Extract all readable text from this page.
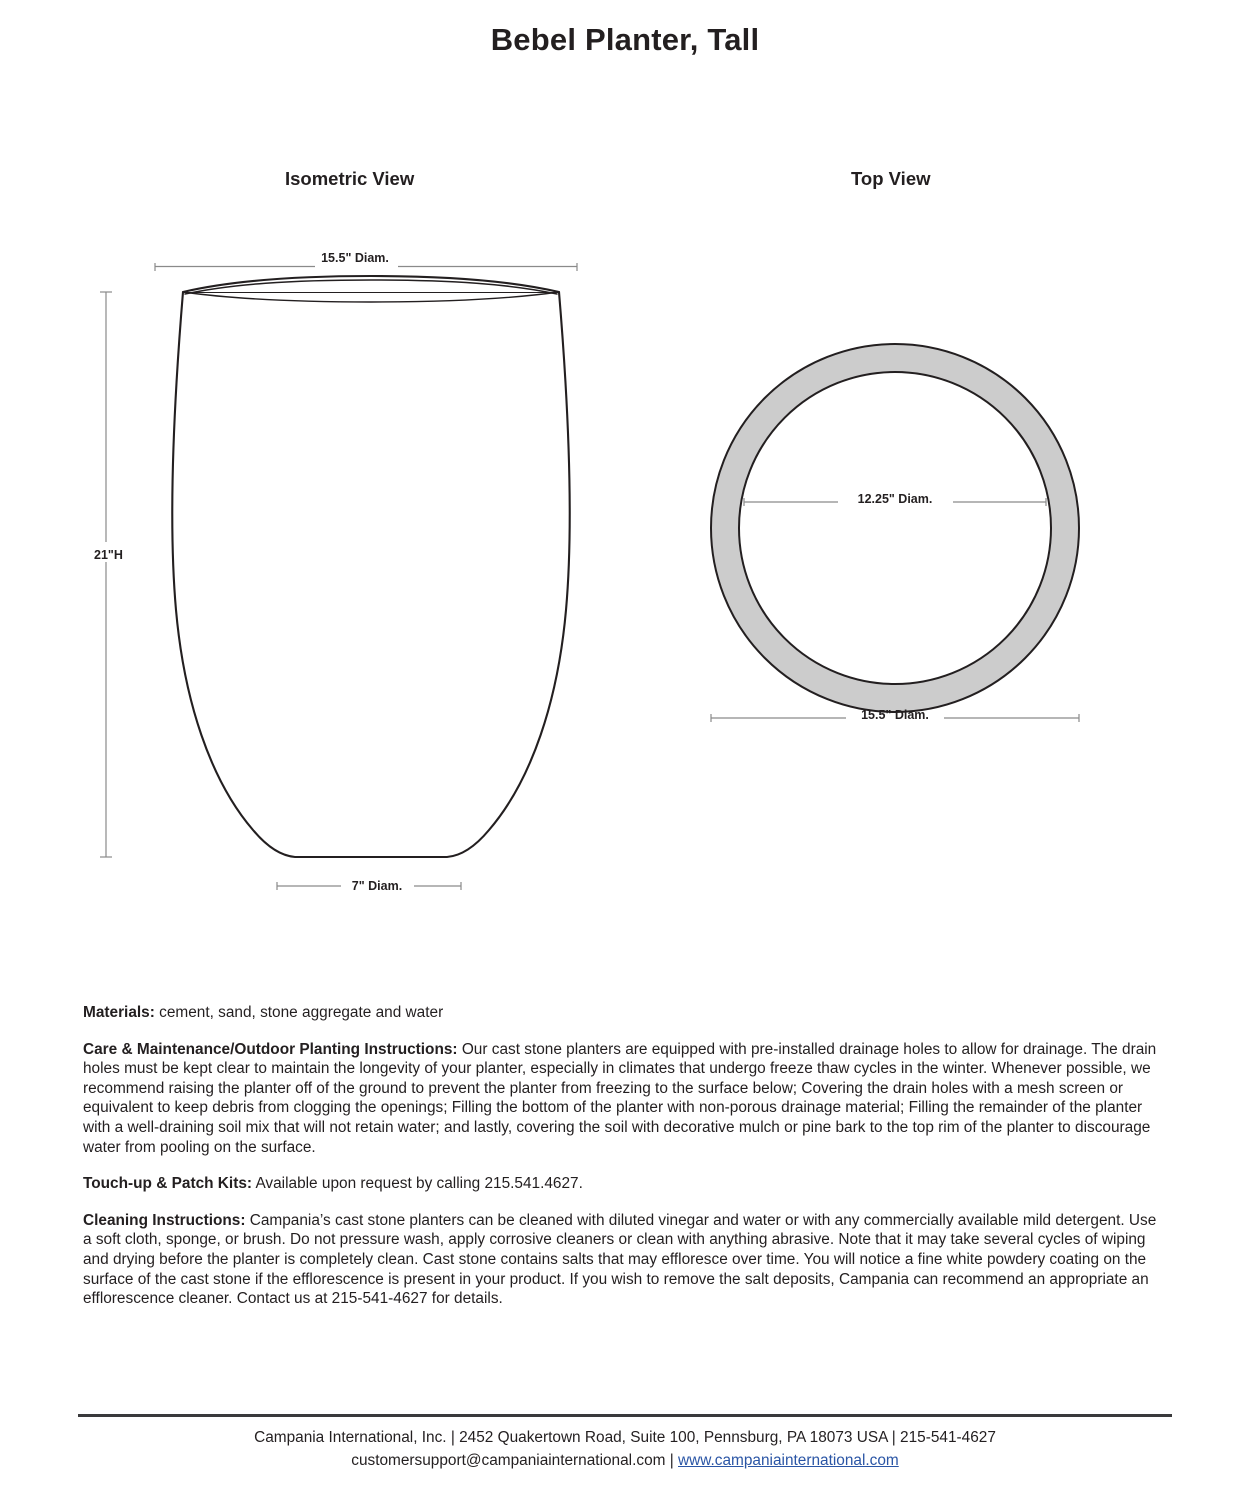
Bebel Planter, Tall
Isometric View	Top View
15.5" Diam.
21"H
7" Diam.
12.25" Diam.
15.5" Diam.

Materials: cement, sand, stone aggregate and water

Care & Maintenance/Outdoor Planting Instructions: Our cast stone planters are equipped with pre-installed drainage holes to allow for drainage. The drain holes must be kept clear to maintain the longevity of your planter, especially in climates that undergo freeze thaw cycles in the winter. Whenever possible, we recommend raising the planter off of the ground to prevent the planter from freezing to the surface below; Covering the drain holes with a mesh screen or equivalent to keep debris from clogging the openings; Filling the bottom of the planter with non-porous drainage material; Filling the remainder of the planter with a well-draining soil mix that will not retain water; and lastly, covering the soil with decorative mulch or pine bark to the top rim of the planter to discourage water from pooling on the surface.

Touch-up & Patch Kits: Available upon request by calling 215.541.4627.

Cleaning Instructions: Campania’s cast stone planters can be cleaned with diluted vinegar and water or with any commercially available mild detergent. Use a soft cloth, sponge, or brush. Do not pressure wash, apply corrosive cleaners or clean with anything abrasive. Note that it may take several cycles of wiping and drying before the planter is completely clean. Cast stone contains salts that may effloresce over time. You will notice a fine white powdery coating on the surface of the cast stone if the efflorescence is present in your product. If you wish to remove the salt deposits, Campania can recommend an appropriate an efflorescence cleaner. Contact us at 215-541-4627 for details.

Campania International, Inc. | 2452 Quakertown Road, Suite 100, Pennsburg, PA 18073 USA | 215-541-4627
customersupport@campaniainternational.com | www.campaniainternational.com
